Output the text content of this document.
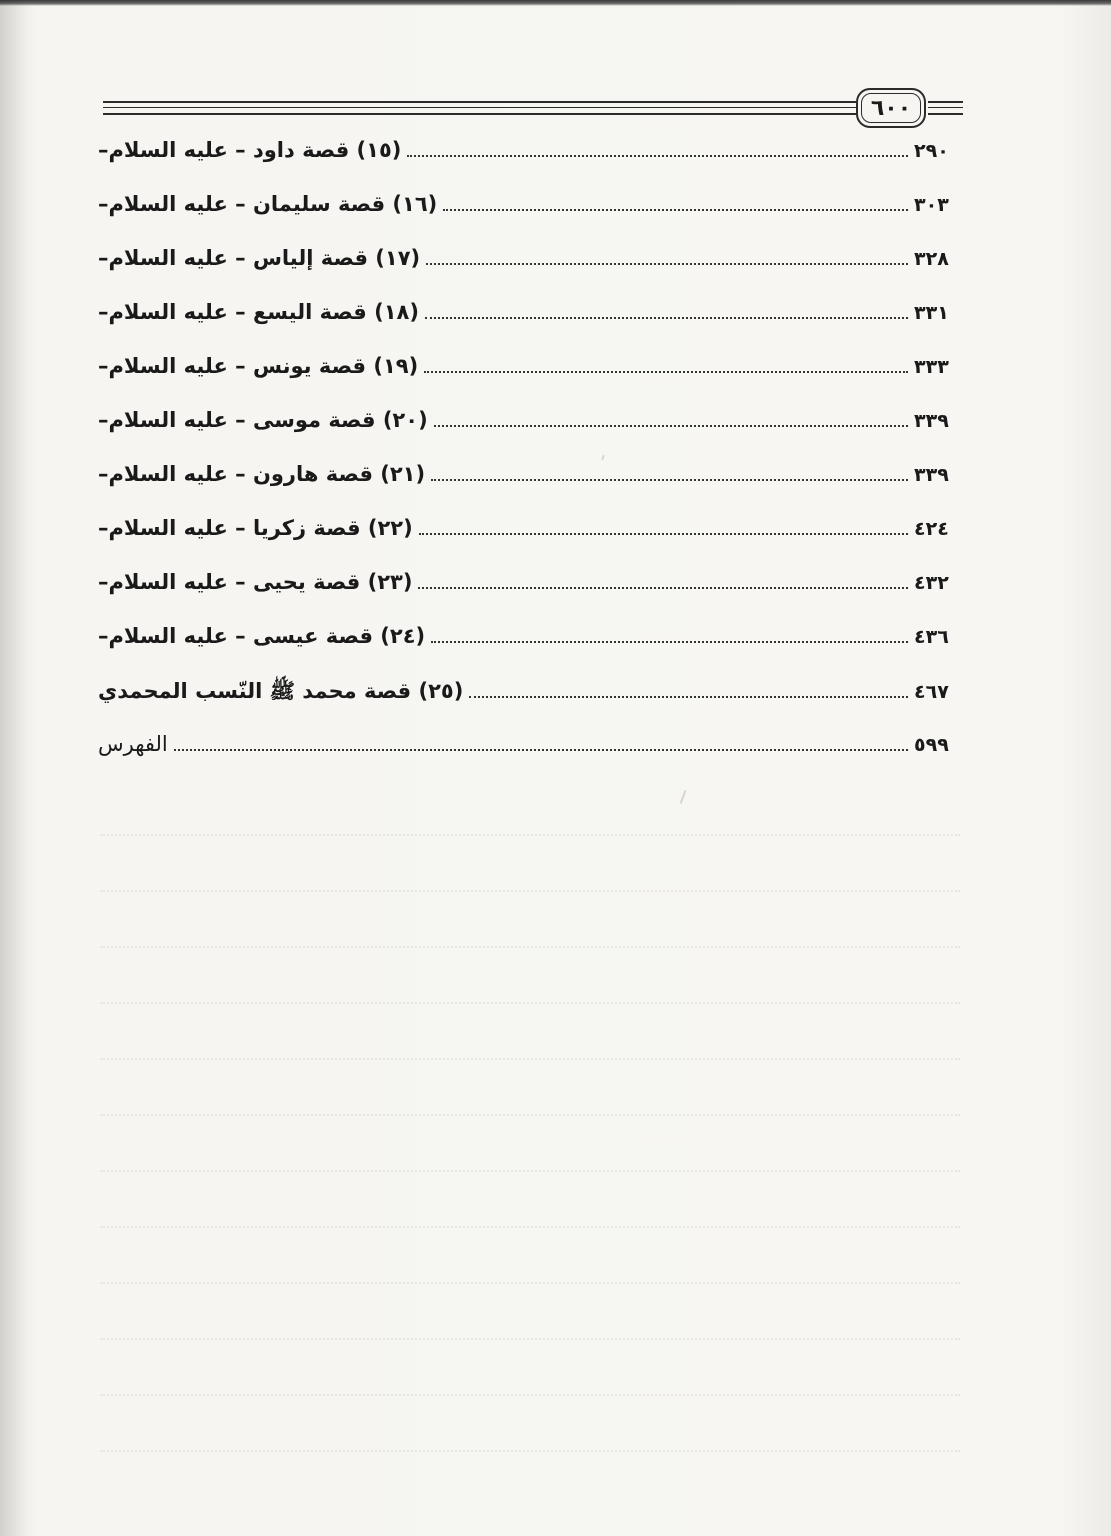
٦٠٠
(١٥) قصة داود – عليه السلام–	٢٩٠
(١٦) قصة سليمان – عليه السلام–	٣٠٣
(١٧) قصة إلياس – عليه السلام–	٣٢٨
(١٨) قصة اليسع – عليه السلام–	٣٣١
(١٩) قصة يونس – عليه السلام–	٣٣٣
(٢٠) قصة موسى – عليه السلام–	٣٣٩
(٢١) قصة هارون – عليه السلام–	٣٣٩
(٢٢) قصة زكريا – عليه السلام–	٤٢٤
(٢٣) قصة يحيى – عليه السلام–	٤٣٢
(٢٤) قصة عيسى – عليه السلام–	٤٣٦
(٢٥) قصة محمد ﷺ النّسب المحمدي	٤٦٧
الفهرس	٥٩٩
